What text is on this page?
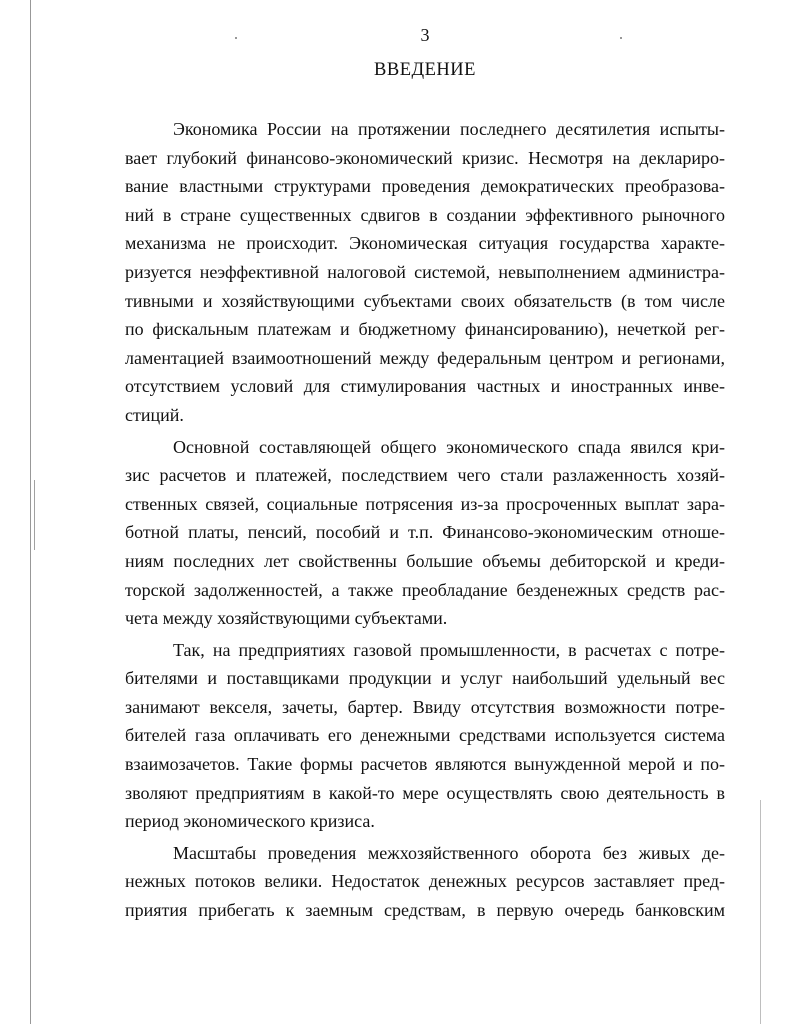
3
ВВЕДЕНИЕ
Экономика России на протяжении последнего десятилетия испыты-
вает глубокий финансово-экономический кризис. Несмотря на деклариро-
вание властными структурами проведения демократических преобразова-
ний в стране существенных сдвигов в создании эффективного рыночного
механизма не происходит. Экономическая ситуация государства характе-
ризуется неэффективной налоговой системой, невыполнением администра-
тивными и хозяйствующими субъектами своих обязательств (в том числе
по фискальным платежам и бюджетному финансированию), нечеткой рег-
ламентацией взаимоотношений между федеральным центром и регионами,
отсутствием условий для стимулирования частных и иностранных инве-
стиций.
Основной составляющей общего экономического спада явился кри-
зис расчетов и платежей, последствием чего стали разлаженность хозяй-
ственных связей, социальные потрясения из-за просроченных выплат зара-
ботной платы, пенсий, пособий и т.п. Финансово-экономическим отноше-
ниям последних лет свойственны большие объемы дебиторской и креди-
торской задолженностей, а также преобладание безденежных средств рас-
чета между хозяйствующими субъектами.
Так, на предприятиях газовой промышленности, в расчетах с потре-
бителями и поставщиками продукции и услуг наибольший удельный вес
занимают векселя, зачеты, бартер. Ввиду отсутствия возможности потре-
бителей газа оплачивать его денежными средствами используется система
взаимозачетов. Такие формы расчетов являются вынужденной мерой и по-
зволяют предприятиям в какой-то мере осуществлять свою деятельность в
период экономического кризиса.
Масштабы проведения межхозяйственного оборота без живых де-
нежных потоков велики. Недостаток денежных ресурсов заставляет пред-
приятия прибегать к заемным средствам, в первую очередь банковским
